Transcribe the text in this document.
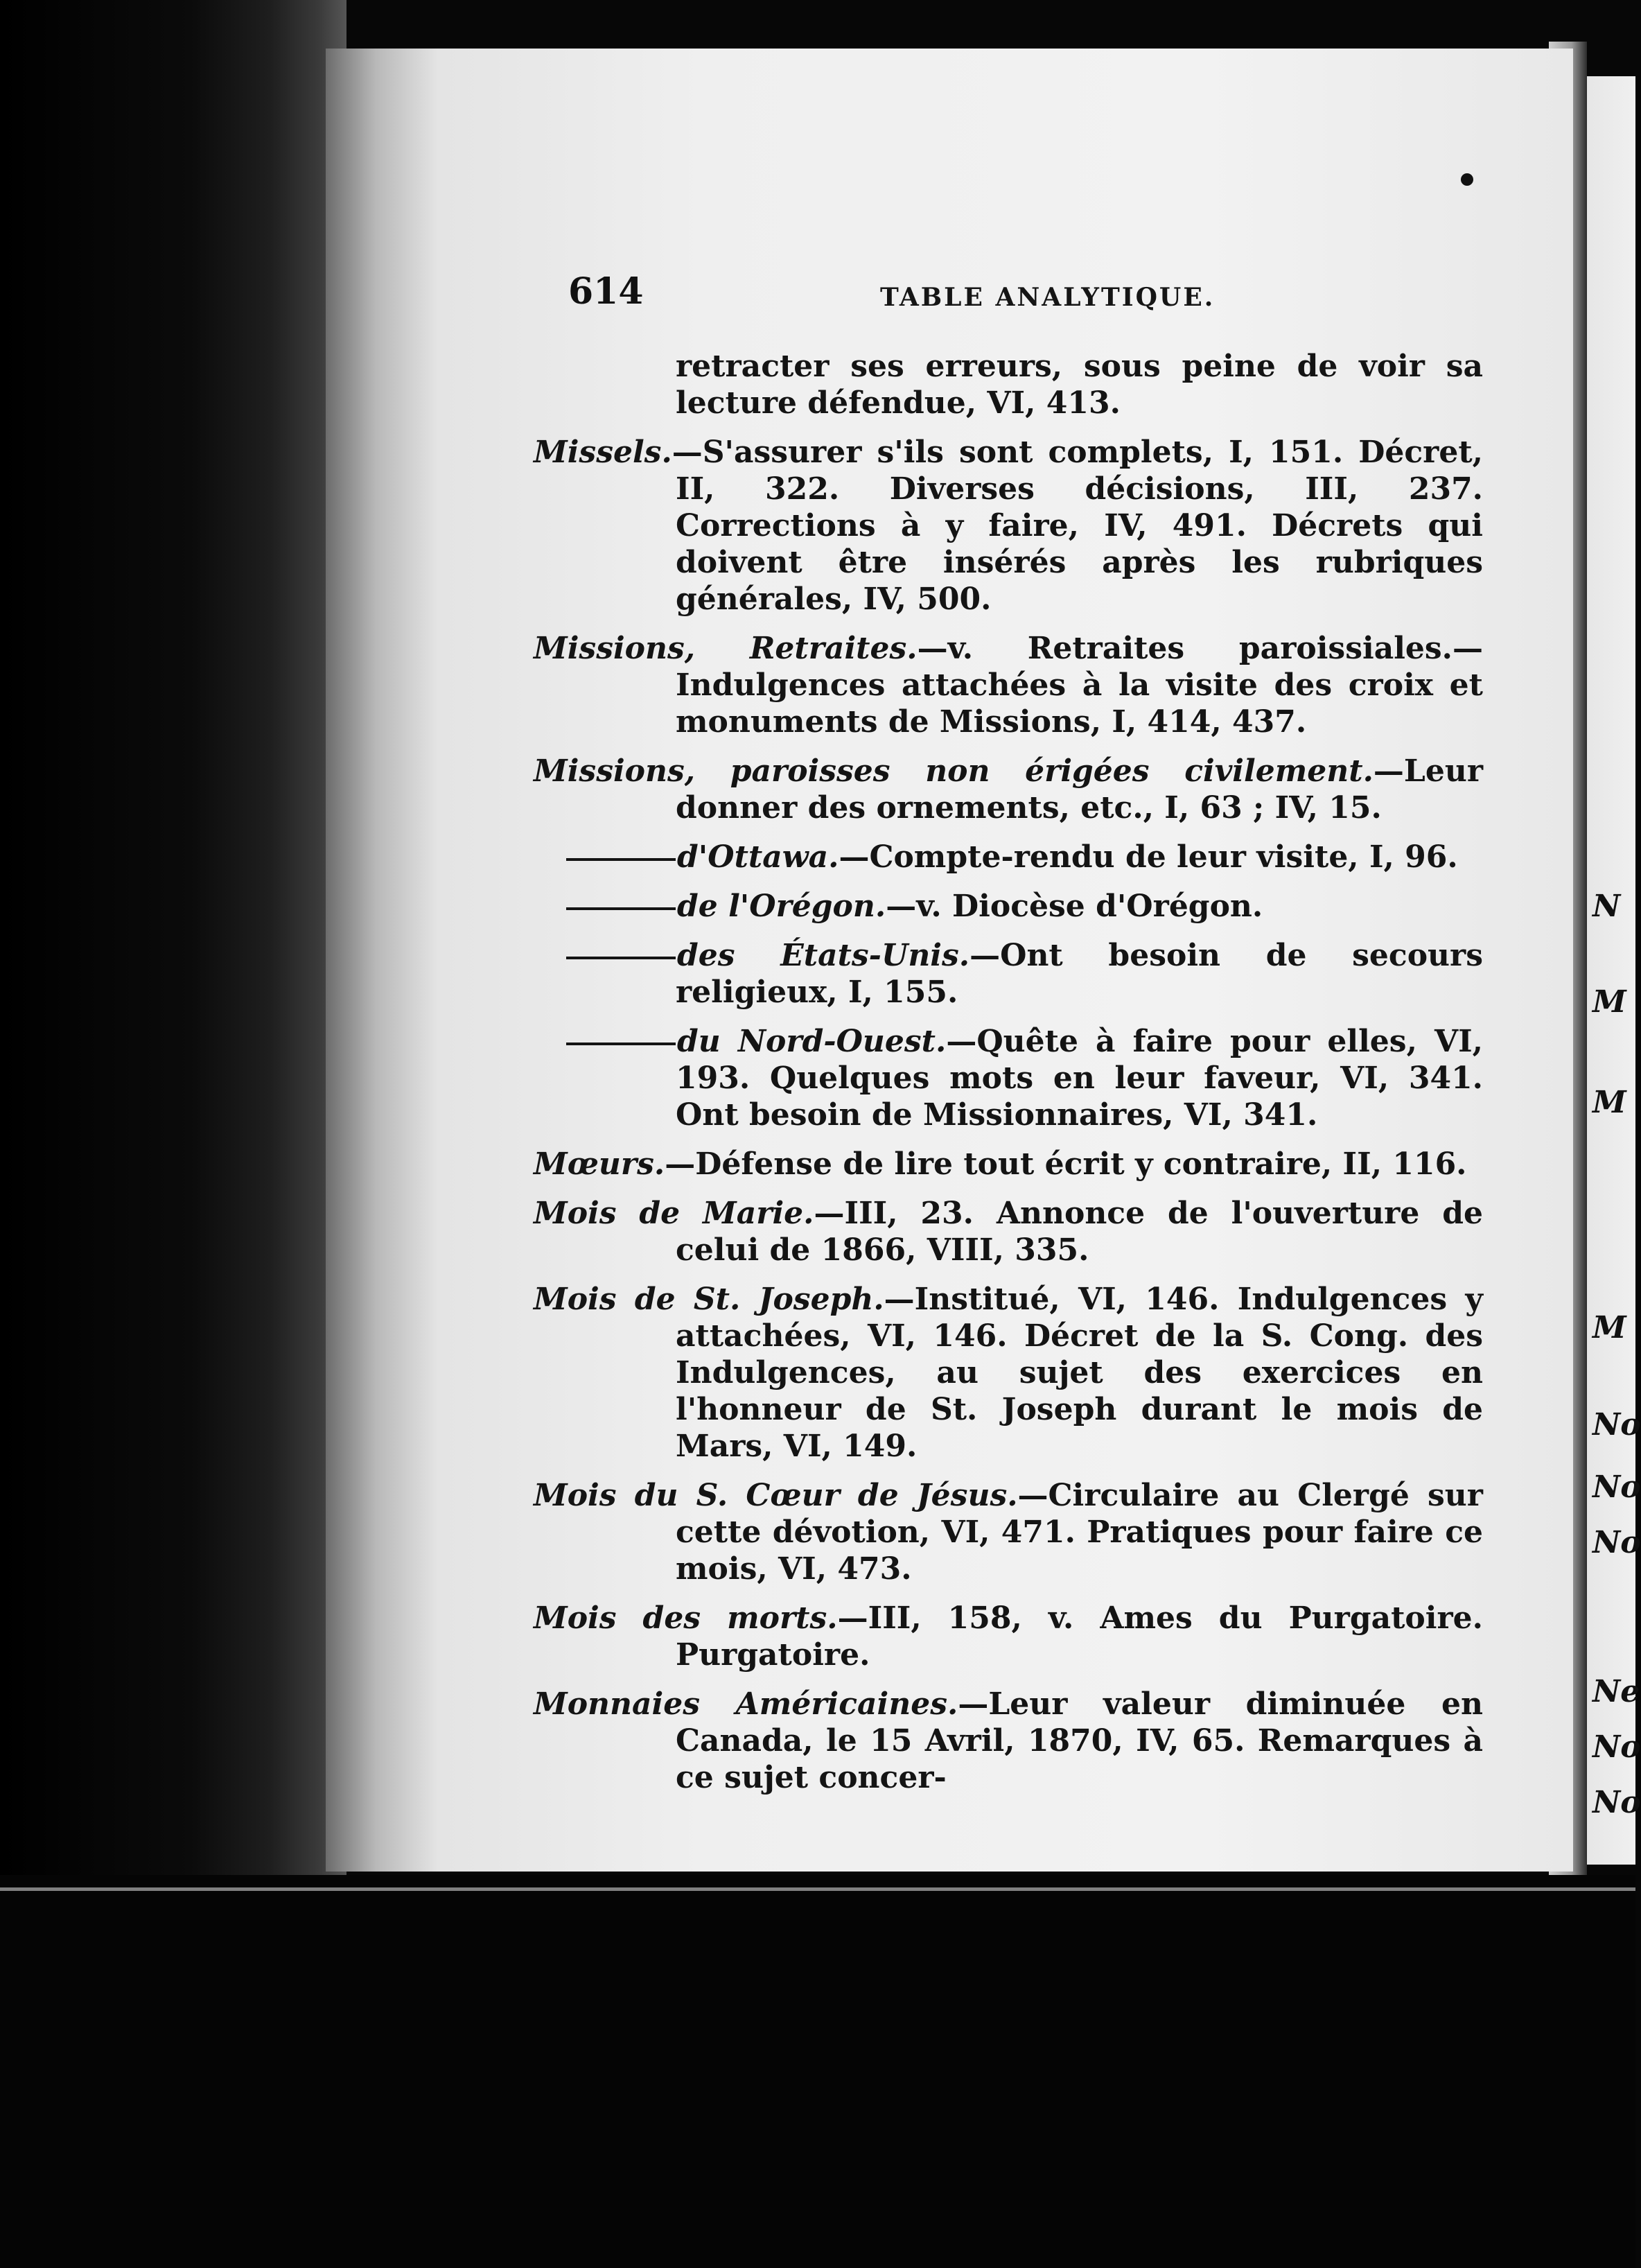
614	TABLE ANALYTIQUE.
retracter ses erreurs, sous peine de voir sa lecture défendue, VI, 413.
Missels.—S'assurer s'ils sont complets, I, 151. Décret, II, 322. Diverses décisions, III, 237. Corrections à y faire, IV, 491. Décrets qui doivent être insérés après les rubriques générales, IV, 500.
Missions, Retraites.—v. Retraites paroissiales.—Indulgences attachées à la visite des croix et monuments de Missions, I, 414, 437.
Missions, paroisses non érigées civilement.—Leur donner des ornements, etc., I, 63 ; IV, 15.
d'Ottawa.—Compte-rendu de leur visite, I, 96.
de l'Orégon.—v. Diocèse d'Orégon.
des États-Unis.—Ont besoin de secours religieux, I, 155.
du Nord-Ouest.—Quête à faire pour elles, VI, 193. Quelques mots en leur faveur, VI, 341. Ont besoin de Missionnaires, VI, 341.
Mœurs.—Défense de lire tout écrit y contraire, II, 116.
Mois de Marie.—III, 23. Annonce de l'ouverture de celui de 1866, VIII, 335.
Mois de St. Joseph.—Institué, VI, 146. Indulgences y attachées, VI, 146. Décret de la S. Cong. des Indulgences, au sujet des exercices en l'honneur de St. Joseph durant le mois de Mars, VI, 149.
Mois du S. Cœur de Jésus.—Circulaire au Clergé sur cette dévotion, VI, 471. Pratiques pour faire ce mois, VI, 473.
Mois des morts.—III, 158, v. Ames du Purgatoire. Purgatoire.
Monnaies Américaines.—Leur valeur diminuée en Canada, le 15 Avril, 1870, IV, 65. Remarques à ce sujet concer-
N
M
M
M
No
No
No
Ne
No
No
